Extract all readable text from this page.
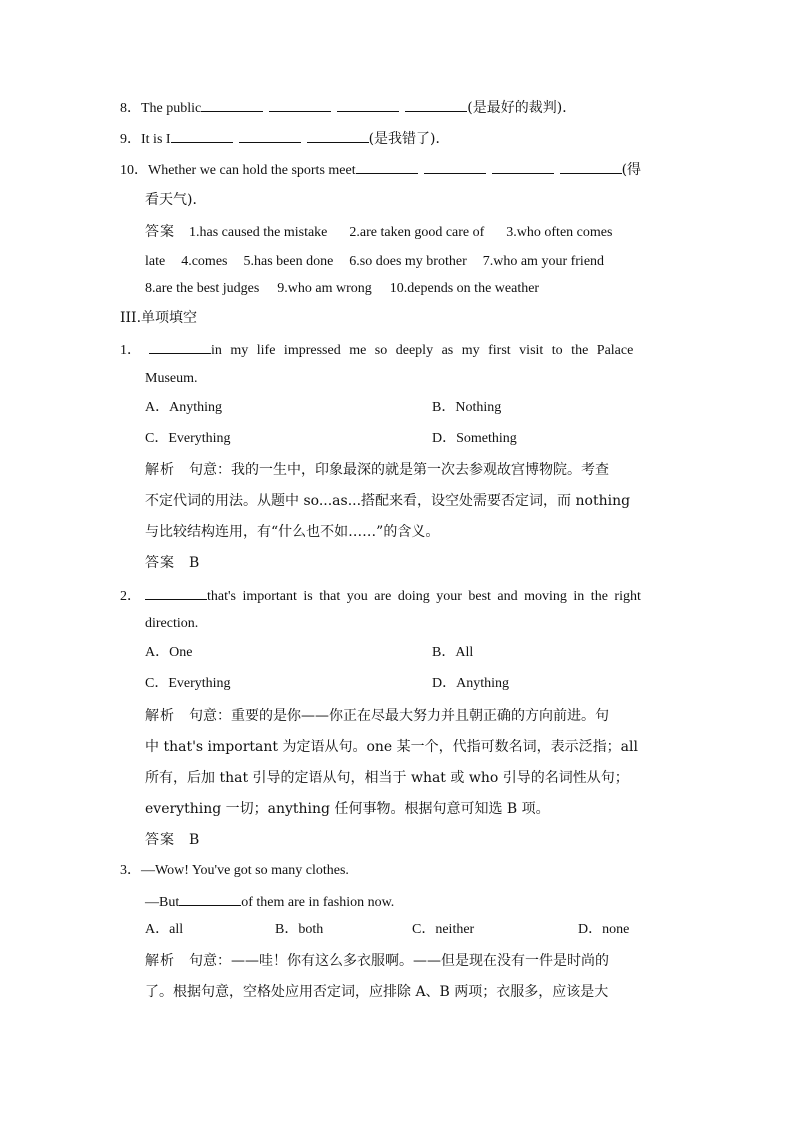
8．The public	(是最好的裁判)．
9．It is I	(是我错了)．
10．Whether we can hold the sports meet	(得
看天气)．
答案 1.has caused the mistake 2.are taken good care of 3.who often comes
late 4.comes 5.has been done 6.so does my brother 7.who am your friend
8.are the best judges 9.who am wrong 10.depends on the weather
III.单项填空
1．	in my life impressed me so deeply as my first visit to the Palace
Museum.
A．Anything	B．Nothing
C．Everything	D．Something
解析 句意：我的一生中，印象最深的就是第一次去参观故宫博物院。考查
不定代词的用法。从题中 so...as...搭配来看，设空处需要否定词，而 nothing
与比较结构连用，有“什么也不如……”的含义。
答案 B
2．	that's important is that you are doing your best and moving in the right
direction.
A．One	B．All
C．Everything	D．Anything
解析 句意：重要的是你——你正在尽最大努力并且朝正确的方向前进。句
中 that's important 为定语从句。one 某一个，代指可数名词，表示泛指；all
所有，后加 that 引导的定语从句，相当于 what 或 who 引导的名词性从句；
everything 一切；anything 任何事物。根据句意可知选 B 项。
答案 B
3．—Wow! You've got so many clothes.
—But	of them are in fashion now.
A．all	B．both	C．neither	D．none
解析 句意：——哇！你有这么多衣服啊。——但是现在没有一件是时尚的
了。根据句意，空格处应用否定词，应排除 A、B 两项；衣服多，应该是大
